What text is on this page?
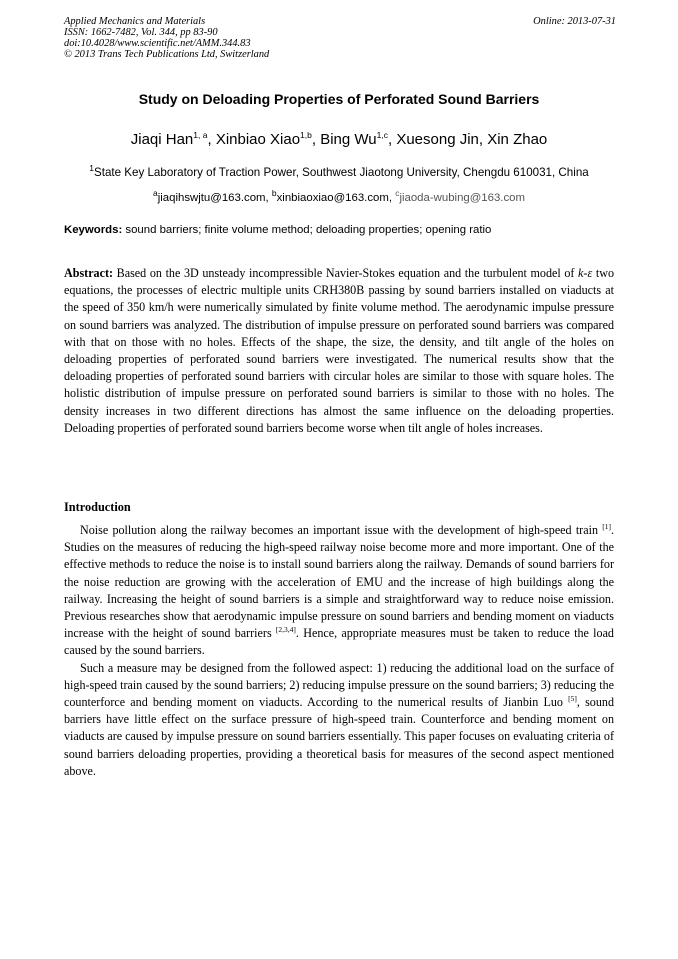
Applied Mechanics and Materials
ISSN: 1662-7482, Vol. 344, pp 83-90
doi:10.4028/www.scientific.net/AMM.344.83
© 2013 Trans Tech Publications Ltd, Switzerland
Online: 2013-07-31
Study on Deloading Properties of Perforated Sound Barriers
Jiaqi Han$^{1, a}$, Xinbiao Xiao$^{1,b}$, Bing Wu$^{1,c}$, Xuesong Jin, Xin Zhao
$^1$State Key Laboratory of Traction Power, Southwest Jiaotong University, Chengdu 610031, China
$^a$jiaqihswjtu@163.com, $^b$xinbiaoxiao@163.com, $^c$jiaoda-wubing@163.com
Keywords: sound barriers; finite volume method; deloading properties; opening ratio
Abstract: Based on the 3D unsteady incompressible Navier-Stokes equation and the turbulent model of k-ε two equations, the processes of electric multiple units CRH380B passing by sound barriers installed on viaducts at the speed of 350 km/h were numerically simulated by finite volume method. The aerodynamic impulse pressure on sound barriers was analyzed. The distribution of impulse pressure on perforated sound barriers was compared with that on those with no holes. Effects of the shape, the size, the density, and tilt angle of the holes on deloading properties of perforated sound barriers were investigated. The numerical results show that the deloading properties of perforated sound barriers with circular holes are similar to those with square holes. The holistic distribution of impulse pressure on perforated sound barriers is similar to those with no holes. The density increases in two different directions has almost the same influence on the deloading properties. Deloading properties of perforated sound barriers become worse when tilt angle of holes increases.
Introduction

Noise pollution along the railway becomes an important issue with the development of high-speed train [1]. Studies on the measures of reducing the high-speed railway noise become more and more important. One of the effective methods to reduce the noise is to install sound barriers along the railway. Demands of sound barriers for the noise reduction are growing with the acceleration of EMU and the increase of high buildings along the railway. Increasing the height of sound barriers is a simple and straightforward way to reduce noise emission. Previous researches show that aerodynamic impulse pressure on sound barriers and bending moment on viaducts increase with the height of sound barriers [2,3,4]. Hence, appropriate measures must be taken to reduce the load caused by the sound barriers.

Such a measure may be designed from the followed aspect: 1) reducing the additional load on the surface of high-speed train caused by the sound barriers; 2) reducing impulse pressure on the sound barriers; 3) reducing the counterforce and bending moment on viaducts. According to the numerical results of Jianbin Luo [5], sound barriers have little effect on the surface pressure of high-speed train. Counterforce and bending moment on viaducts are caused by impulse pressure on sound barriers essentially. This paper focuses on evaluating criteria of sound barriers deloading properties, providing a theoretical basis for measures of the second aspect mentioned above.
